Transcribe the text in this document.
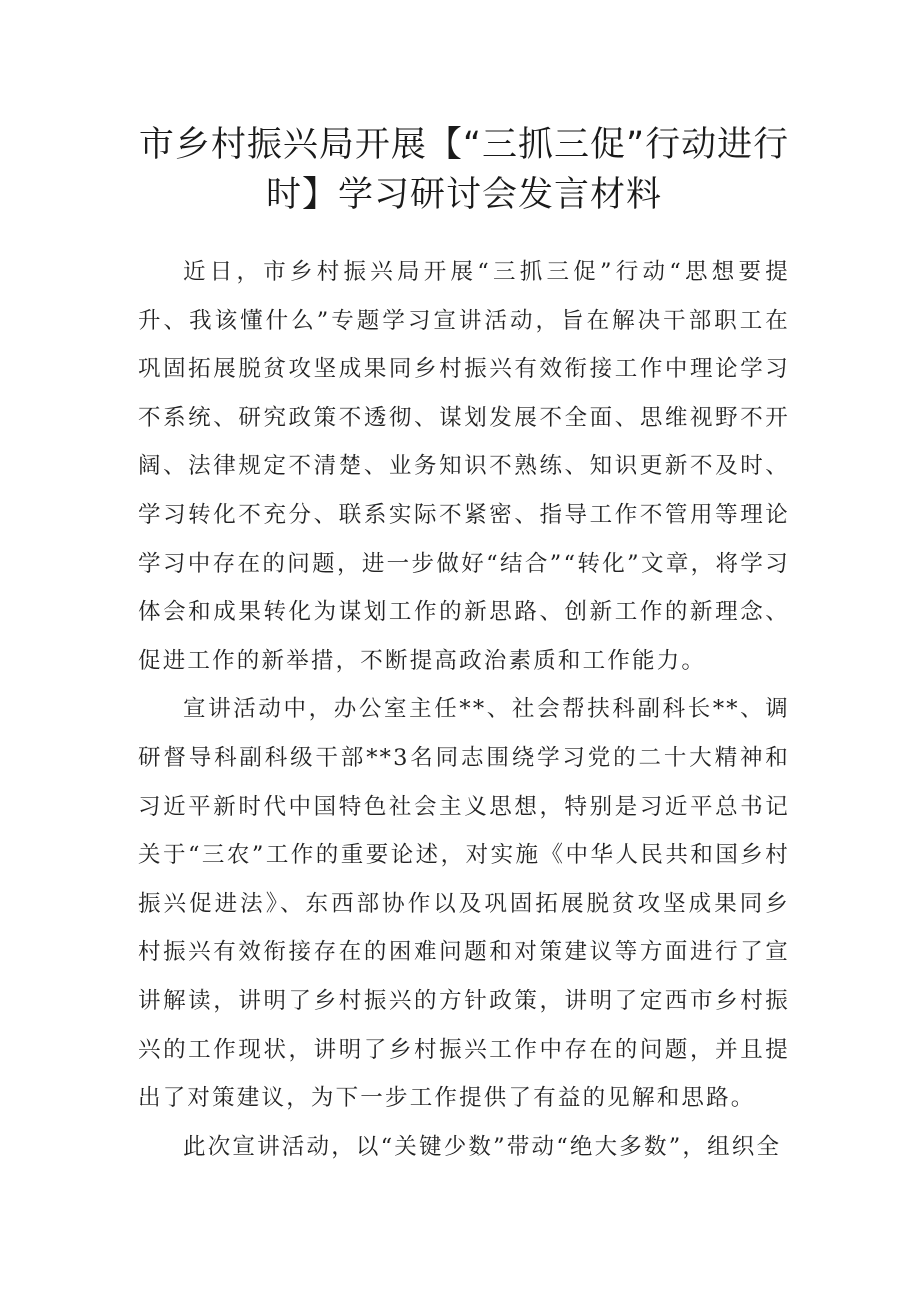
市乡村振兴局开展【“三抓三促”行动进行时】学习研讨会发言材料

近日，市乡村振兴局开展“三抓三促”行动“思想要提升、我该懂什么”专题学习宣讲活动，旨在解决干部职工在巩固拓展脱贫攻坚成果同乡村振兴有效衔接工作中理论学习不系统、研究政策不透彻、谋划发展不全面、思维视野不开阔、法律规定不清楚、业务知识不熟练、知识更新不及时、学习转化不充分、联系实际不紧密、指导工作不管用等理论学习中存在的问题，进一步做好“结合”“转化”文章，将学习体会和成果转化为谋划工作的新思路、创新工作的新理念、促进工作的新举措，不断提高政治素质和工作能力。

宣讲活动中，办公室主任**、社会帮扶科副科长**、调研督导科副科级干部**3名同志围绕学习党的二十大精神和习近平新时代中国特色社会主义思想，特别是习近平总书记关于“三农”工作的重要论述，对实施《中华人民共和国乡村振兴促进法》、东西部协作以及巩固拓展脱贫攻坚成果同乡村振兴有效衔接存在的困难问题和对策建议等方面进行了宣讲解读，讲明了乡村振兴的方针政策，讲明了定西市乡村振兴的工作现状，讲明了乡村振兴工作中存在的问题，并且提出了对策建议，为下一步工作提供了有益的见解和思路。

此次宣讲活动，以“关键少数”带动“绝大多数”，组织全
